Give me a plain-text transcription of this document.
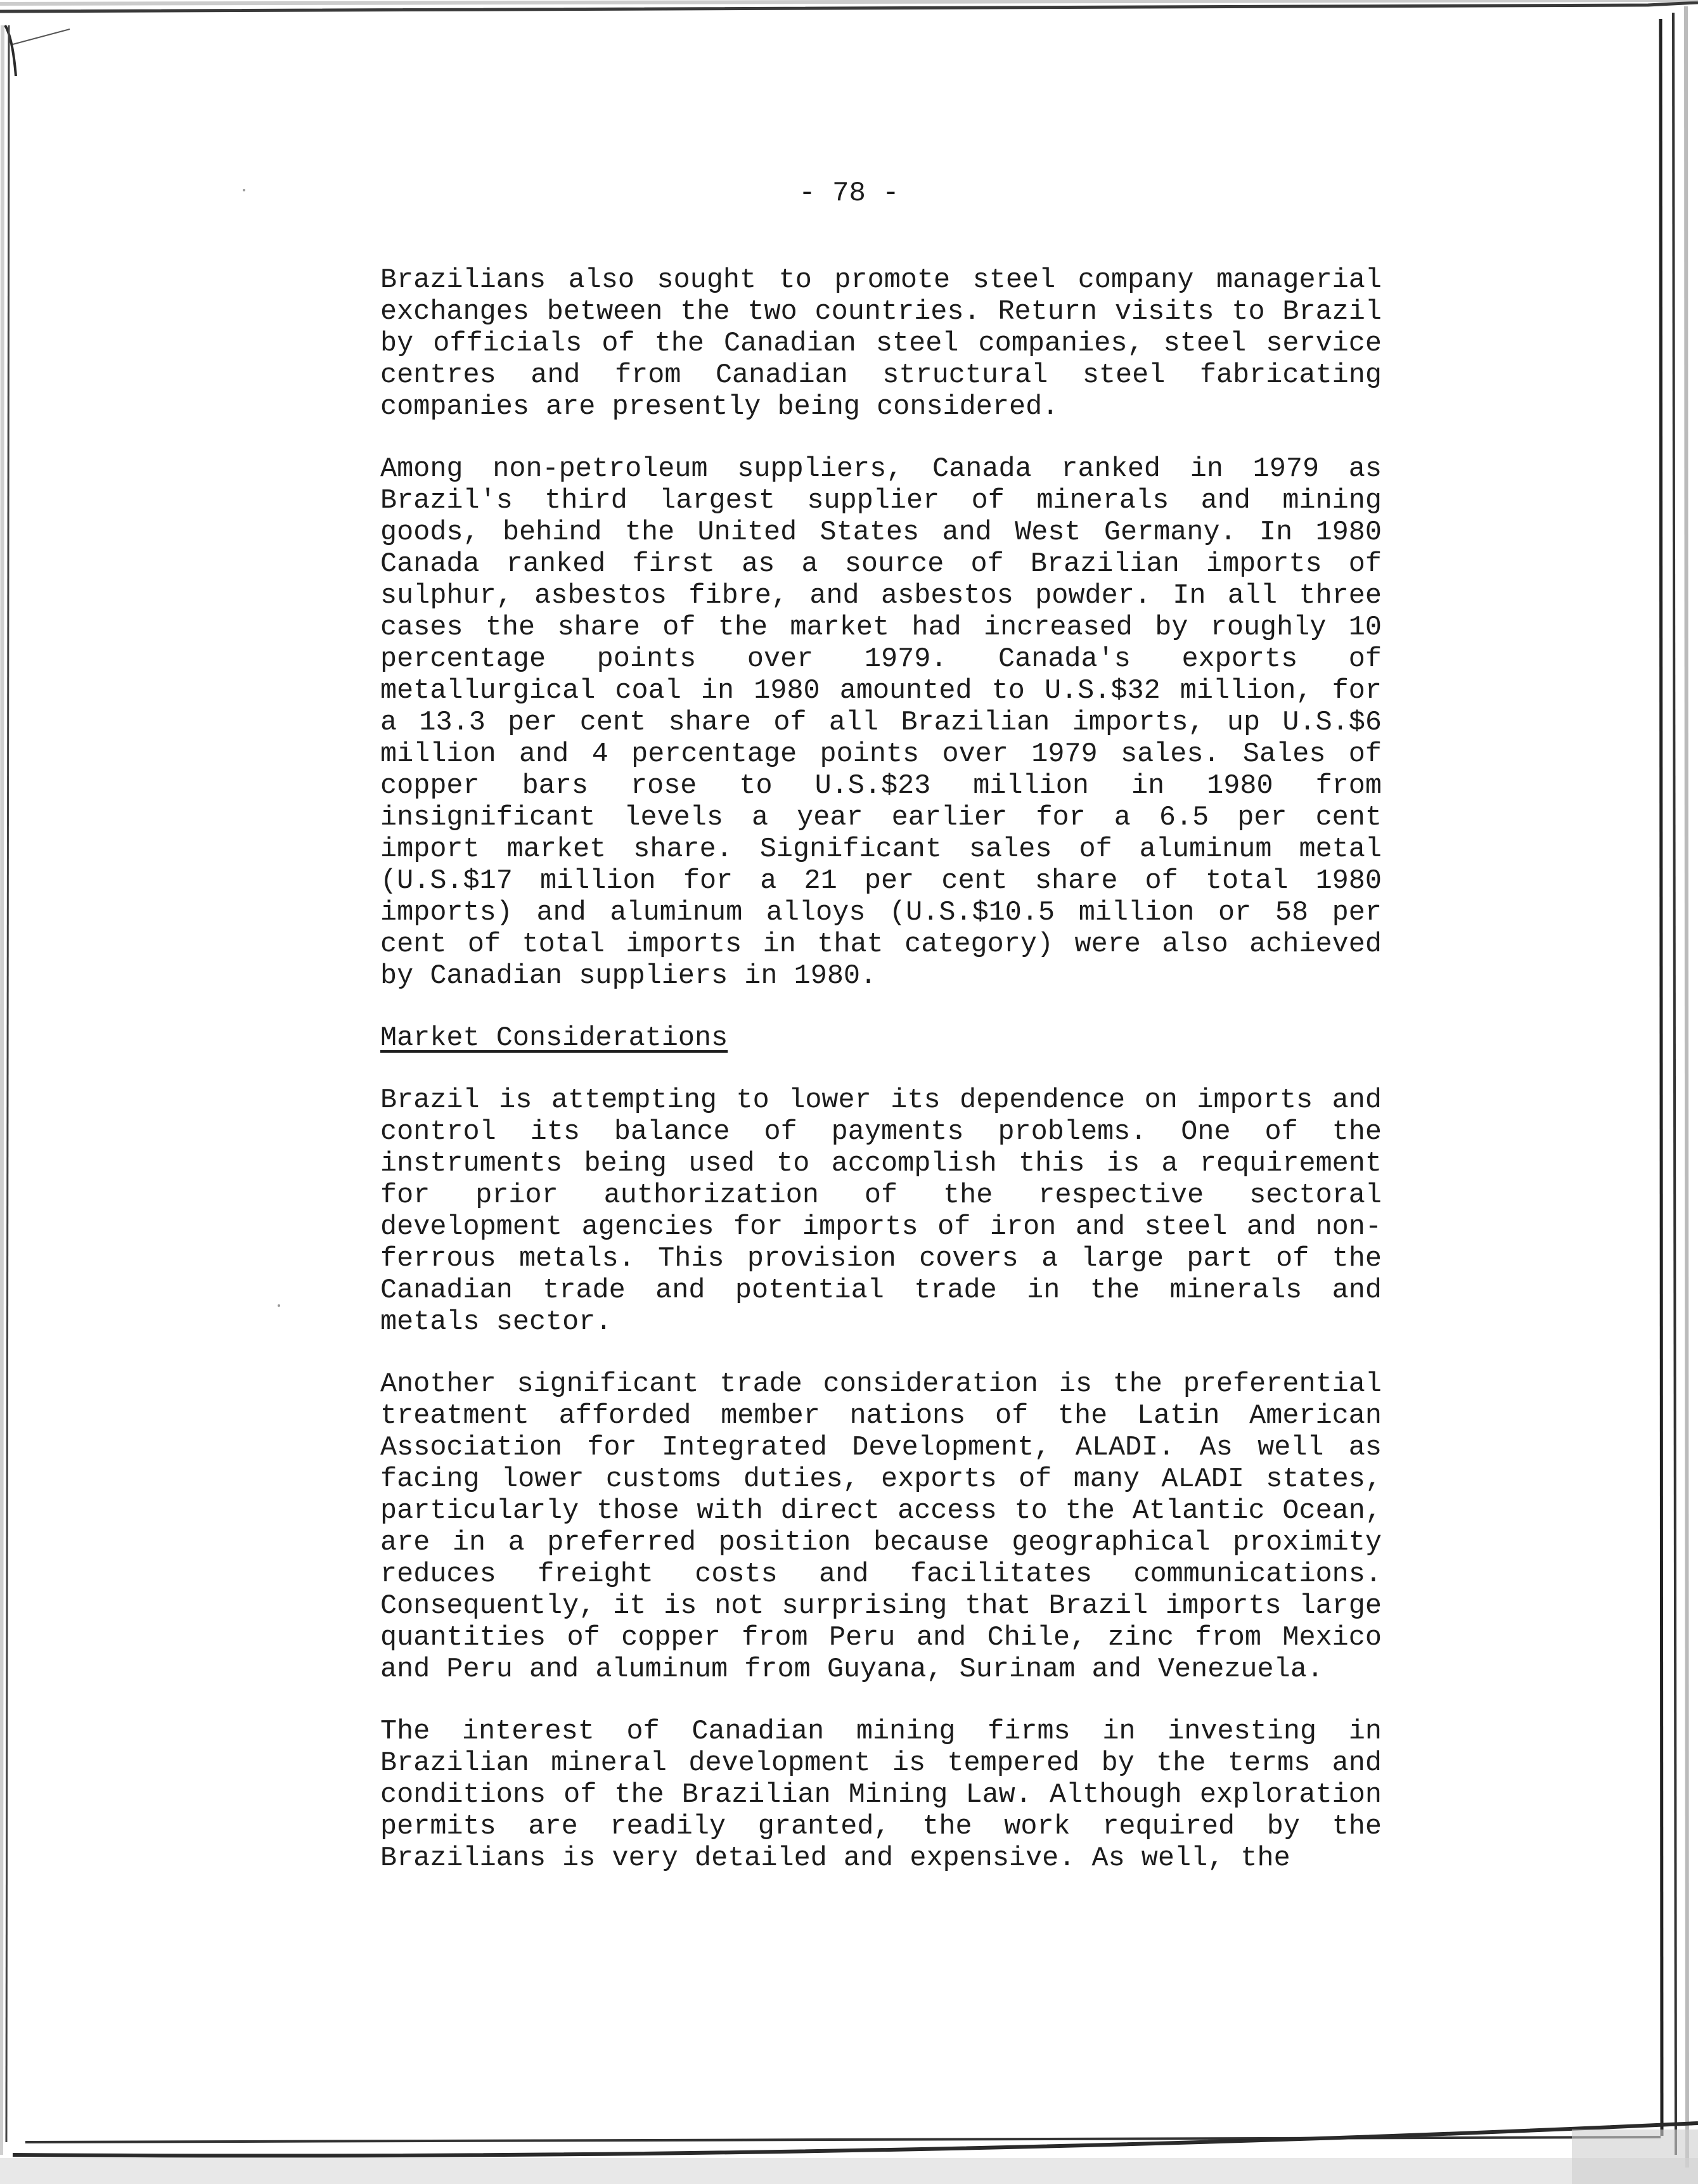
- 78 -

Brazilians also sought to promote steel company managerial exchanges between the two countries. Return visits to Brazil by officials of the Canadian steel companies, steel service centres and from Canadian structural steel fabricating companies are presently being considered.

Among non-petroleum suppliers, Canada ranked in 1979 as Brazil's third largest supplier of minerals and mining goods, behind the United States and West Germany. In 1980 Canada ranked first as a source of Brazilian imports of sulphur, asbestos fibre, and asbestos powder. In all three cases the share of the market had increased by roughly 10 percentage points over 1979. Canada's exports of metallurgical coal in 1980 amounted to U.S.$32 million, for a 13.3 per cent share of all Brazilian imports, up U.S.$6 million and 4 percentage points over 1979 sales. Sales of copper bars rose to U.S.$23 million in 1980 from insignificant levels a year earlier for a 6.5 per cent import market share. Significant sales of aluminum metal (U.S.$17 million for a 21 per cent share of total 1980 imports) and aluminum alloys (U.S.$10.5 million or 58 per cent of total imports in that category) were also achieved by Canadian suppliers in 1980.

Market Considerations

Brazil is attempting to lower its dependence on imports and control its balance of payments problems. One of the instruments being used to accomplish this is a requirement for prior authorization of the respective sectoral development agencies for imports of iron and steel and non-ferrous metals. This provision covers a large part of the Canadian trade and potential trade in the minerals and metals sector.

Another significant trade consideration is the preferential treatment afforded member nations of the Latin American Association for Integrated Development, ALADI. As well as facing lower customs duties, exports of many ALADI states, particularly those with direct access to the Atlantic Ocean, are in a preferred position because geographical proximity reduces freight costs and facilitates communications. Consequently, it is not surprising that Brazil imports large quantities of copper from Peru and Chile, zinc from Mexico and Peru and aluminum from Guyana, Surinam and Venezuela.

The interest of Canadian mining firms in investing in Brazilian mineral development is tempered by the terms and conditions of the Brazilian Mining Law. Although exploration permits are readily granted, the work required by the Brazilians is very detailed and expensive. As well, the
